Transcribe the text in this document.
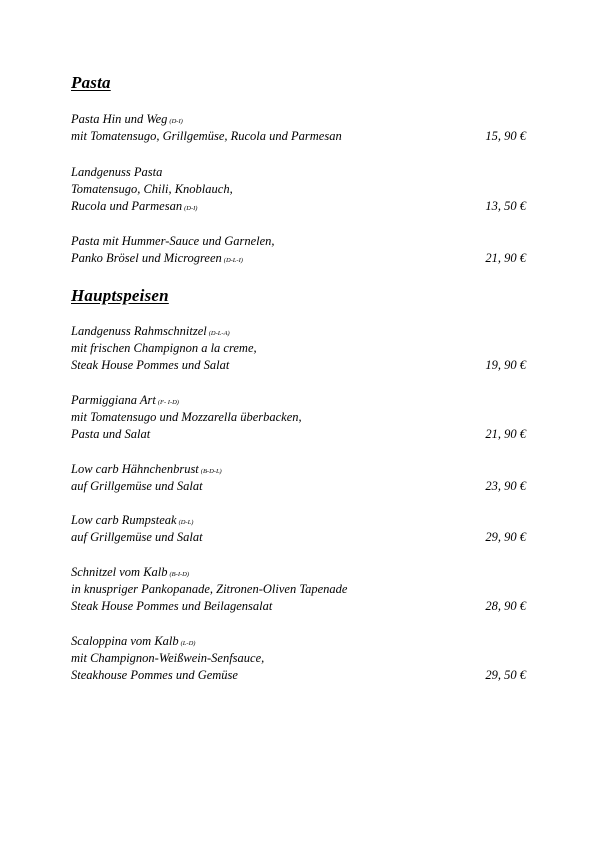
Pasta
Pasta Hin und Weg (D-I)
mit Tomatensugo, Grillgemüse, Rucola und Parmesan	15, 90 €
Landgenuss Pasta
Tomatensugo, Chili, Knoblauch,
Rucola und Parmesan (D-I)	13, 50 €
Pasta mit Hummer-Sauce und Garnelen,
Panko Brösel und Microgreen (D-L-I)	21, 90 €
Hauptspeisen
Landgenuss Rahmschnitzel (D-L-A)
mit frischen Champignon a la creme,
Steak House Pommes und Salat	19, 90 €
Parmiggiana Art (F- I-D)
mit Tomatensugo und Mozzarella überbacken,
Pasta und Salat	21, 90 €
Low carb Hähnchenbrust (B-D-L)
auf Grillgemüse und Salat	23, 90 €
Low carb Rumpsteak (D-L)
auf Grillgemüse und Salat	29, 90 €
Schnitzel vom Kalb (B-I-D)
in knuspriger Pankopanade, Zitronen-Oliven Tapenade
Steak House Pommes und Beilagensalat	28, 90 €
Scaloppina vom Kalb (L-D)
mit Champignon-Weißwein-Senfsauce,
Steakhouse Pommes und Gemüse	29, 50 €
